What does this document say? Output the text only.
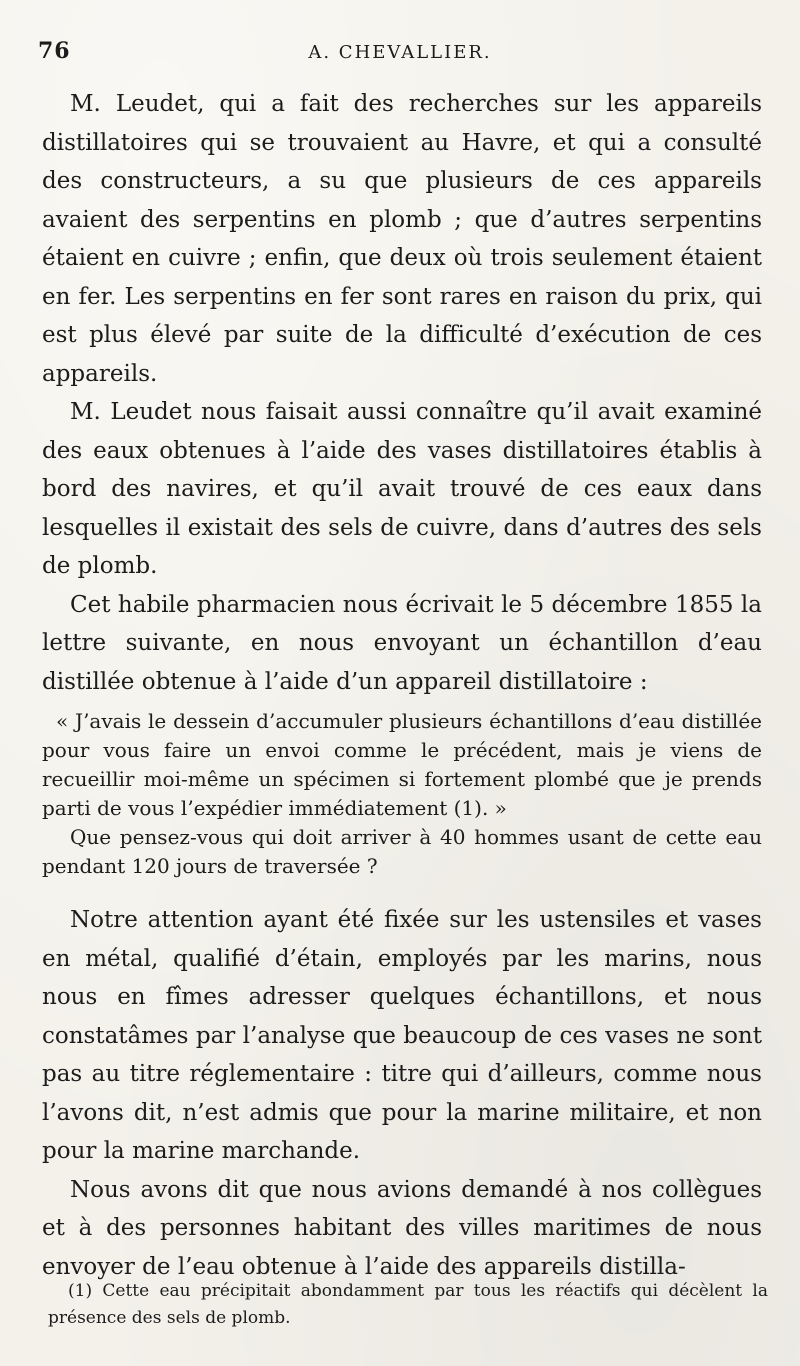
76	A. CHEVALLIER.

M. Leudet, qui a fait des recherches sur les appareils distillatoires qui se trouvaient au Havre, et qui a consulté des constructeurs, a su que plusieurs de ces appareils avaient des serpentins en plomb ; que d’autres serpentins étaient en cuivre ; enfin, que deux où trois seulement étaient en fer. Les serpentins en fer sont rares en raison du prix, qui est plus élevé par suite de la difficulté d’exécution de ces appareils.

M. Leudet nous faisait aussi connaître qu’il avait examiné des eaux obtenues à l’aide des vases distillatoires établis à bord des navires, et qu’il avait trouvé de ces eaux dans lesquelles il existait des sels de cuivre, dans d’autres des sels de plomb.

Cet habile pharmacien nous écrivait le 5 décembre 1855 la lettre suivante, en nous envoyant un échantillon d’eau distillée obtenue à l’aide d’un appareil distillatoire :

« J’avais le dessein d’accumuler plusieurs échantillons d’eau distillée pour vous faire un envoi comme le précédent, mais je viens de recueillir moi-même un spécimen si fortement plombé que je prends parti de vous l’expédier immédiatement (1). »

Que pensez-vous qui doit arriver à 40 hommes usant de cette eau pendant 120 jours de traversée ?

Notre attention ayant été fixée sur les ustensiles et vases en métal, qualifié d’étain, employés par les marins, nous nous en fîmes adresser quelques échantillons, et nous constatâmes par l’analyse que beaucoup de ces vases ne sont pas au titre réglementaire : titre qui d’ailleurs, comme nous l’avons dit, n’est admis que pour la marine militaire, et non pour la marine marchande.

Nous avons dit que nous avions demandé à nos collègues et à des personnes habitant des villes maritimes de nous envoyer de l’eau obtenue à l’aide des appareils distilla-

(1) Cette eau précipitait abondamment par tous les réactifs qui décèlent la présence des sels de plomb.
